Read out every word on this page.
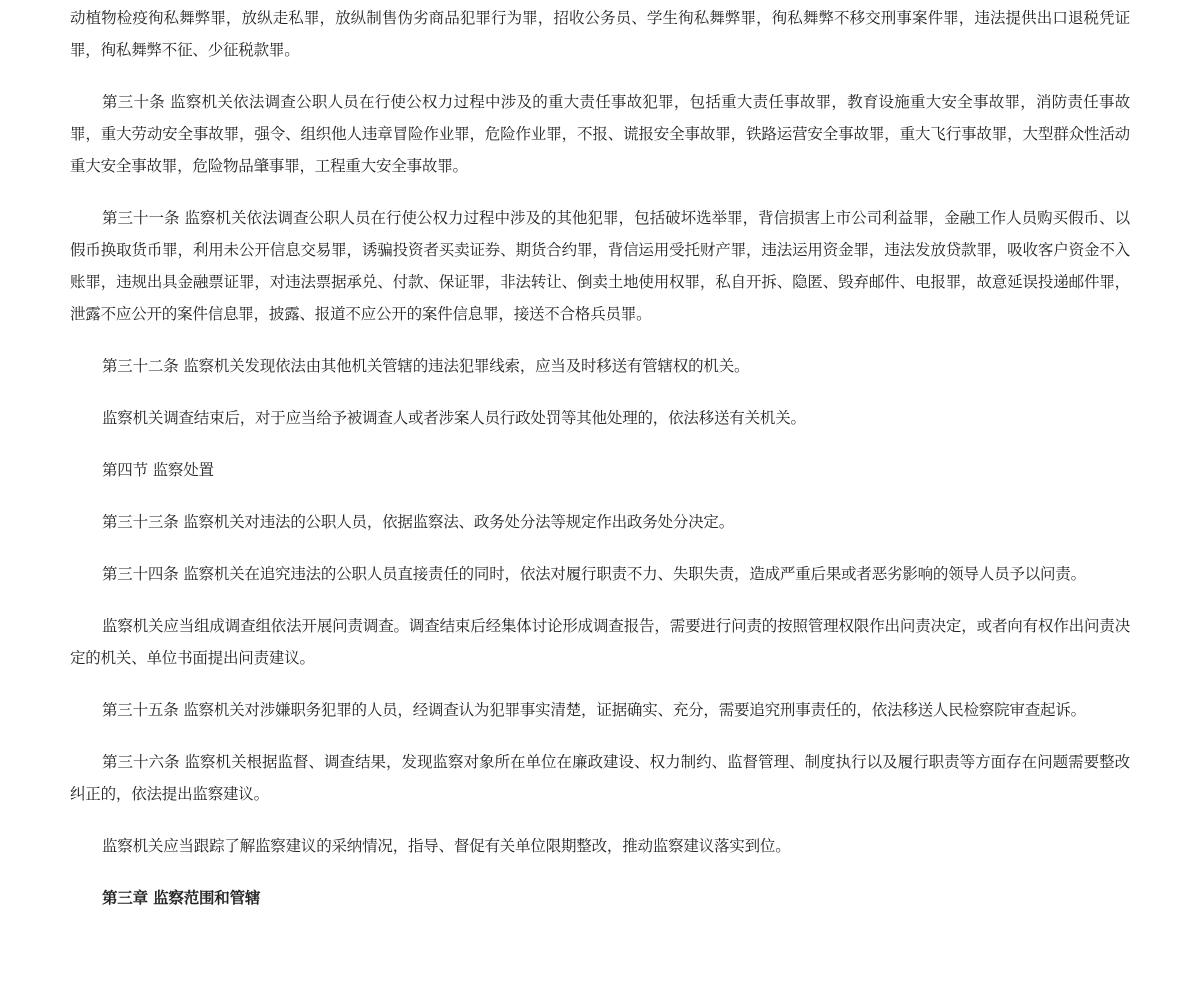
动植物检疫徇私舞弊罪，放纵走私罪，放纵制售伪劣商品犯罪行为罪，招收公务员、学生徇私舞弊罪，徇私舞弊不移交刑事案件罪，违法提供出口退税凭证罪，徇私舞弊不征、少征税款罪。

第三十条 监察机关依法调查公职人员在行使公权力过程中涉及的重大责任事故犯罪，包括重大责任事故罪，教育设施重大安全事故罪，消防责任事故罪，重大劳动安全事故罪，强令、组织他人违章冒险作业罪，危险作业罪，不报、谎报安全事故罪，铁路运营安全事故罪，重大飞行事故罪，大型群众性活动重大安全事故罪，危险物品肇事罪，工程重大安全事故罪。

第三十一条 监察机关依法调查公职人员在行使公权力过程中涉及的其他犯罪，包括破坏选举罪，背信损害上市公司利益罪，金融工作人员购买假币、以假币换取货币罪，利用未公开信息交易罪，诱骗投资者买卖证券、期货合约罪，背信运用受托财产罪，违法运用资金罪，违法发放贷款罪，吸收客户资金不入账罪，违规出具金融票证罪，对违法票据承兑、付款、保证罪，非法转让、倒卖土地使用权罪，私自开拆、隐匿、毁弃邮件、电报罪，故意延误投递邮件罪，泄露不应公开的案件信息罪，披露、报道不应公开的案件信息罪，接送不合格兵员罪。

第三十二条 监察机关发现依法由其他机关管辖的违法犯罪线索，应当及时移送有管辖权的机关。

监察机关调查结束后，对于应当给予被调查人或者涉案人员行政处罚等其他处理的，依法移送有关机关。

第四节 监察处置

第三十三条 监察机关对违法的公职人员，依据监察法、政务处分法等规定作出政务处分决定。

第三十四条 监察机关在追究违法的公职人员直接责任的同时，依法对履行职责不力、失职失责，造成严重后果或者恶劣影响的领导人员予以问责。

监察机关应当组成调查组依法开展问责调查。调查结束后经集体讨论形成调查报告，需要进行问责的按照管理权限作出问责决定，或者向有权作出问责决定的机关、单位书面提出问责建议。

第三十五条 监察机关对涉嫌职务犯罪的人员，经调查认为犯罪事实清楚，证据确实、充分，需要追究刑事责任的，依法移送人民检察院审查起诉。

第三十六条 监察机关根据监督、调查结果，发现监察对象所在单位在廉政建设、权力制约、监督管理、制度执行以及履行职责等方面存在问题需要整改纠正的，依法提出监察建议。

监察机关应当跟踪了解监察建议的采纳情况，指导、督促有关单位限期整改，推动监察建议落实到位。

第三章 监察范围和管辖
